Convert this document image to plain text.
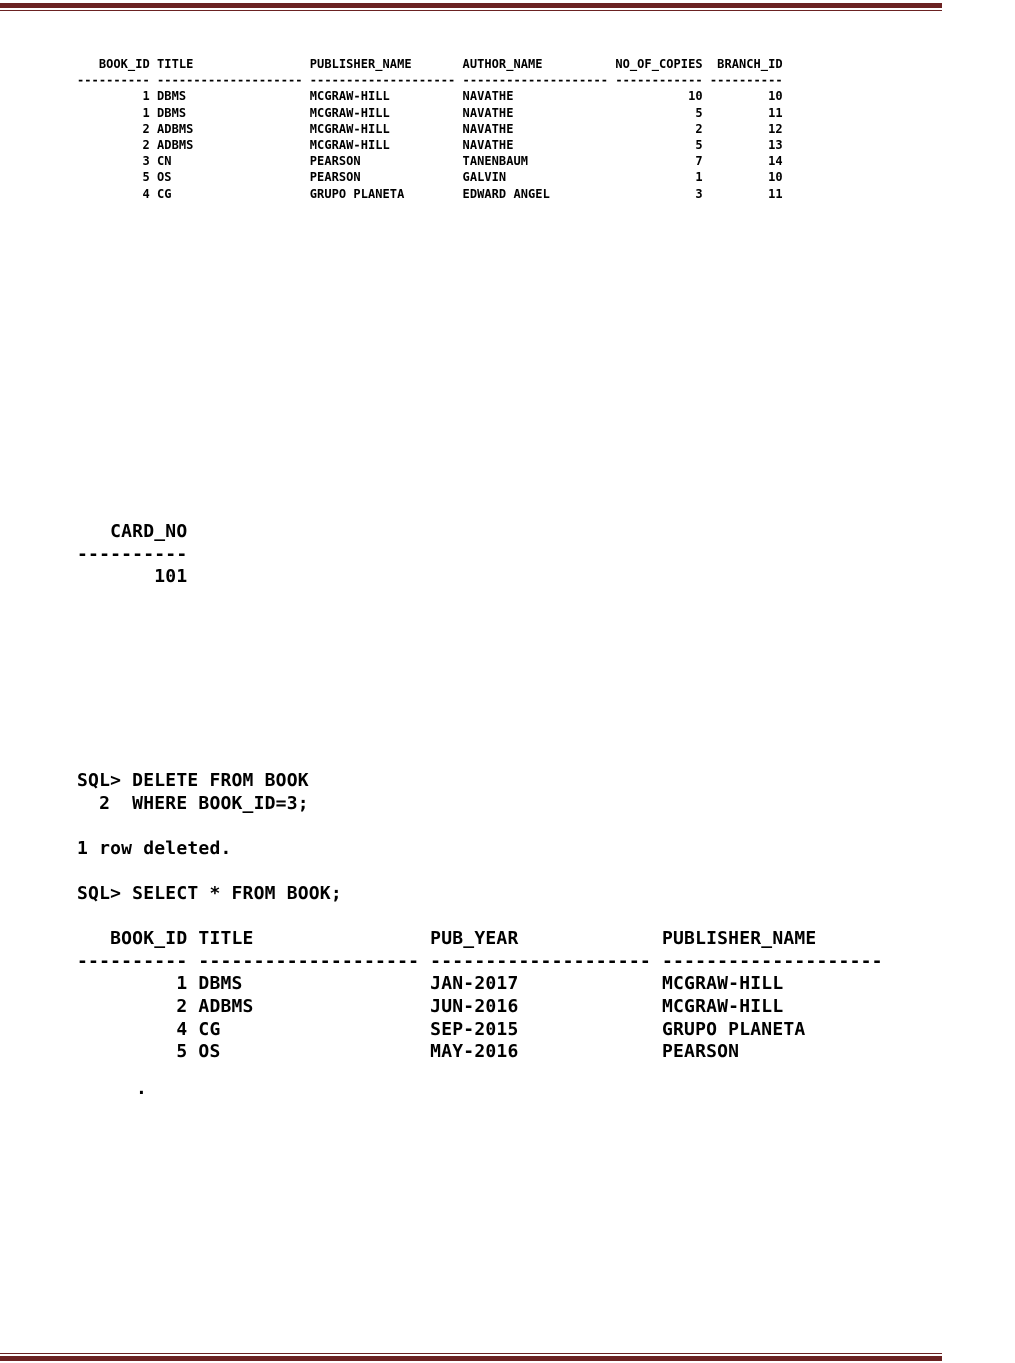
BOOK_ID TITLE                PUBLISHER_NAME       AUTHOR_NAME          NO_OF_COPIES  BRANCH_ID
---------- -------------------- -------------------- -------------------- ------------ ----------
1 DBMS                 MCGRAW-HILL          NAVATHE                        10         10
1 DBMS                 MCGRAW-HILL          NAVATHE                         5         11
2 ADBMS                MCGRAW-HILL          NAVATHE                         2         12
2 ADBMS                MCGRAW-HILL          NAVATHE                         5         13
3 CN                   PEARSON              TANENBAUM                       7         14
5 OS                   PEARSON              GALVIN                          1         10
4 CG                   GRUPO PLANETA        EDWARD ANGEL                    3         11
CARD_NO
----------
101
SQL> DELETE FROM BOOK
2  WHERE BOOK_ID=3;

1 row deleted.

SQL> SELECT * FROM BOOK;

BOOK_ID TITLE                PUB_YEAR             PUBLISHER_NAME
---------- -------------------- -------------------- --------------------
1 DBMS                 JAN-2017             MCGRAW-HILL
2 ADBMS                JUN-2016             MCGRAW-HILL
4 CG                   SEP-2015             GRUPO PLANETA
5 OS                   MAY-2016             PEARSON
.
